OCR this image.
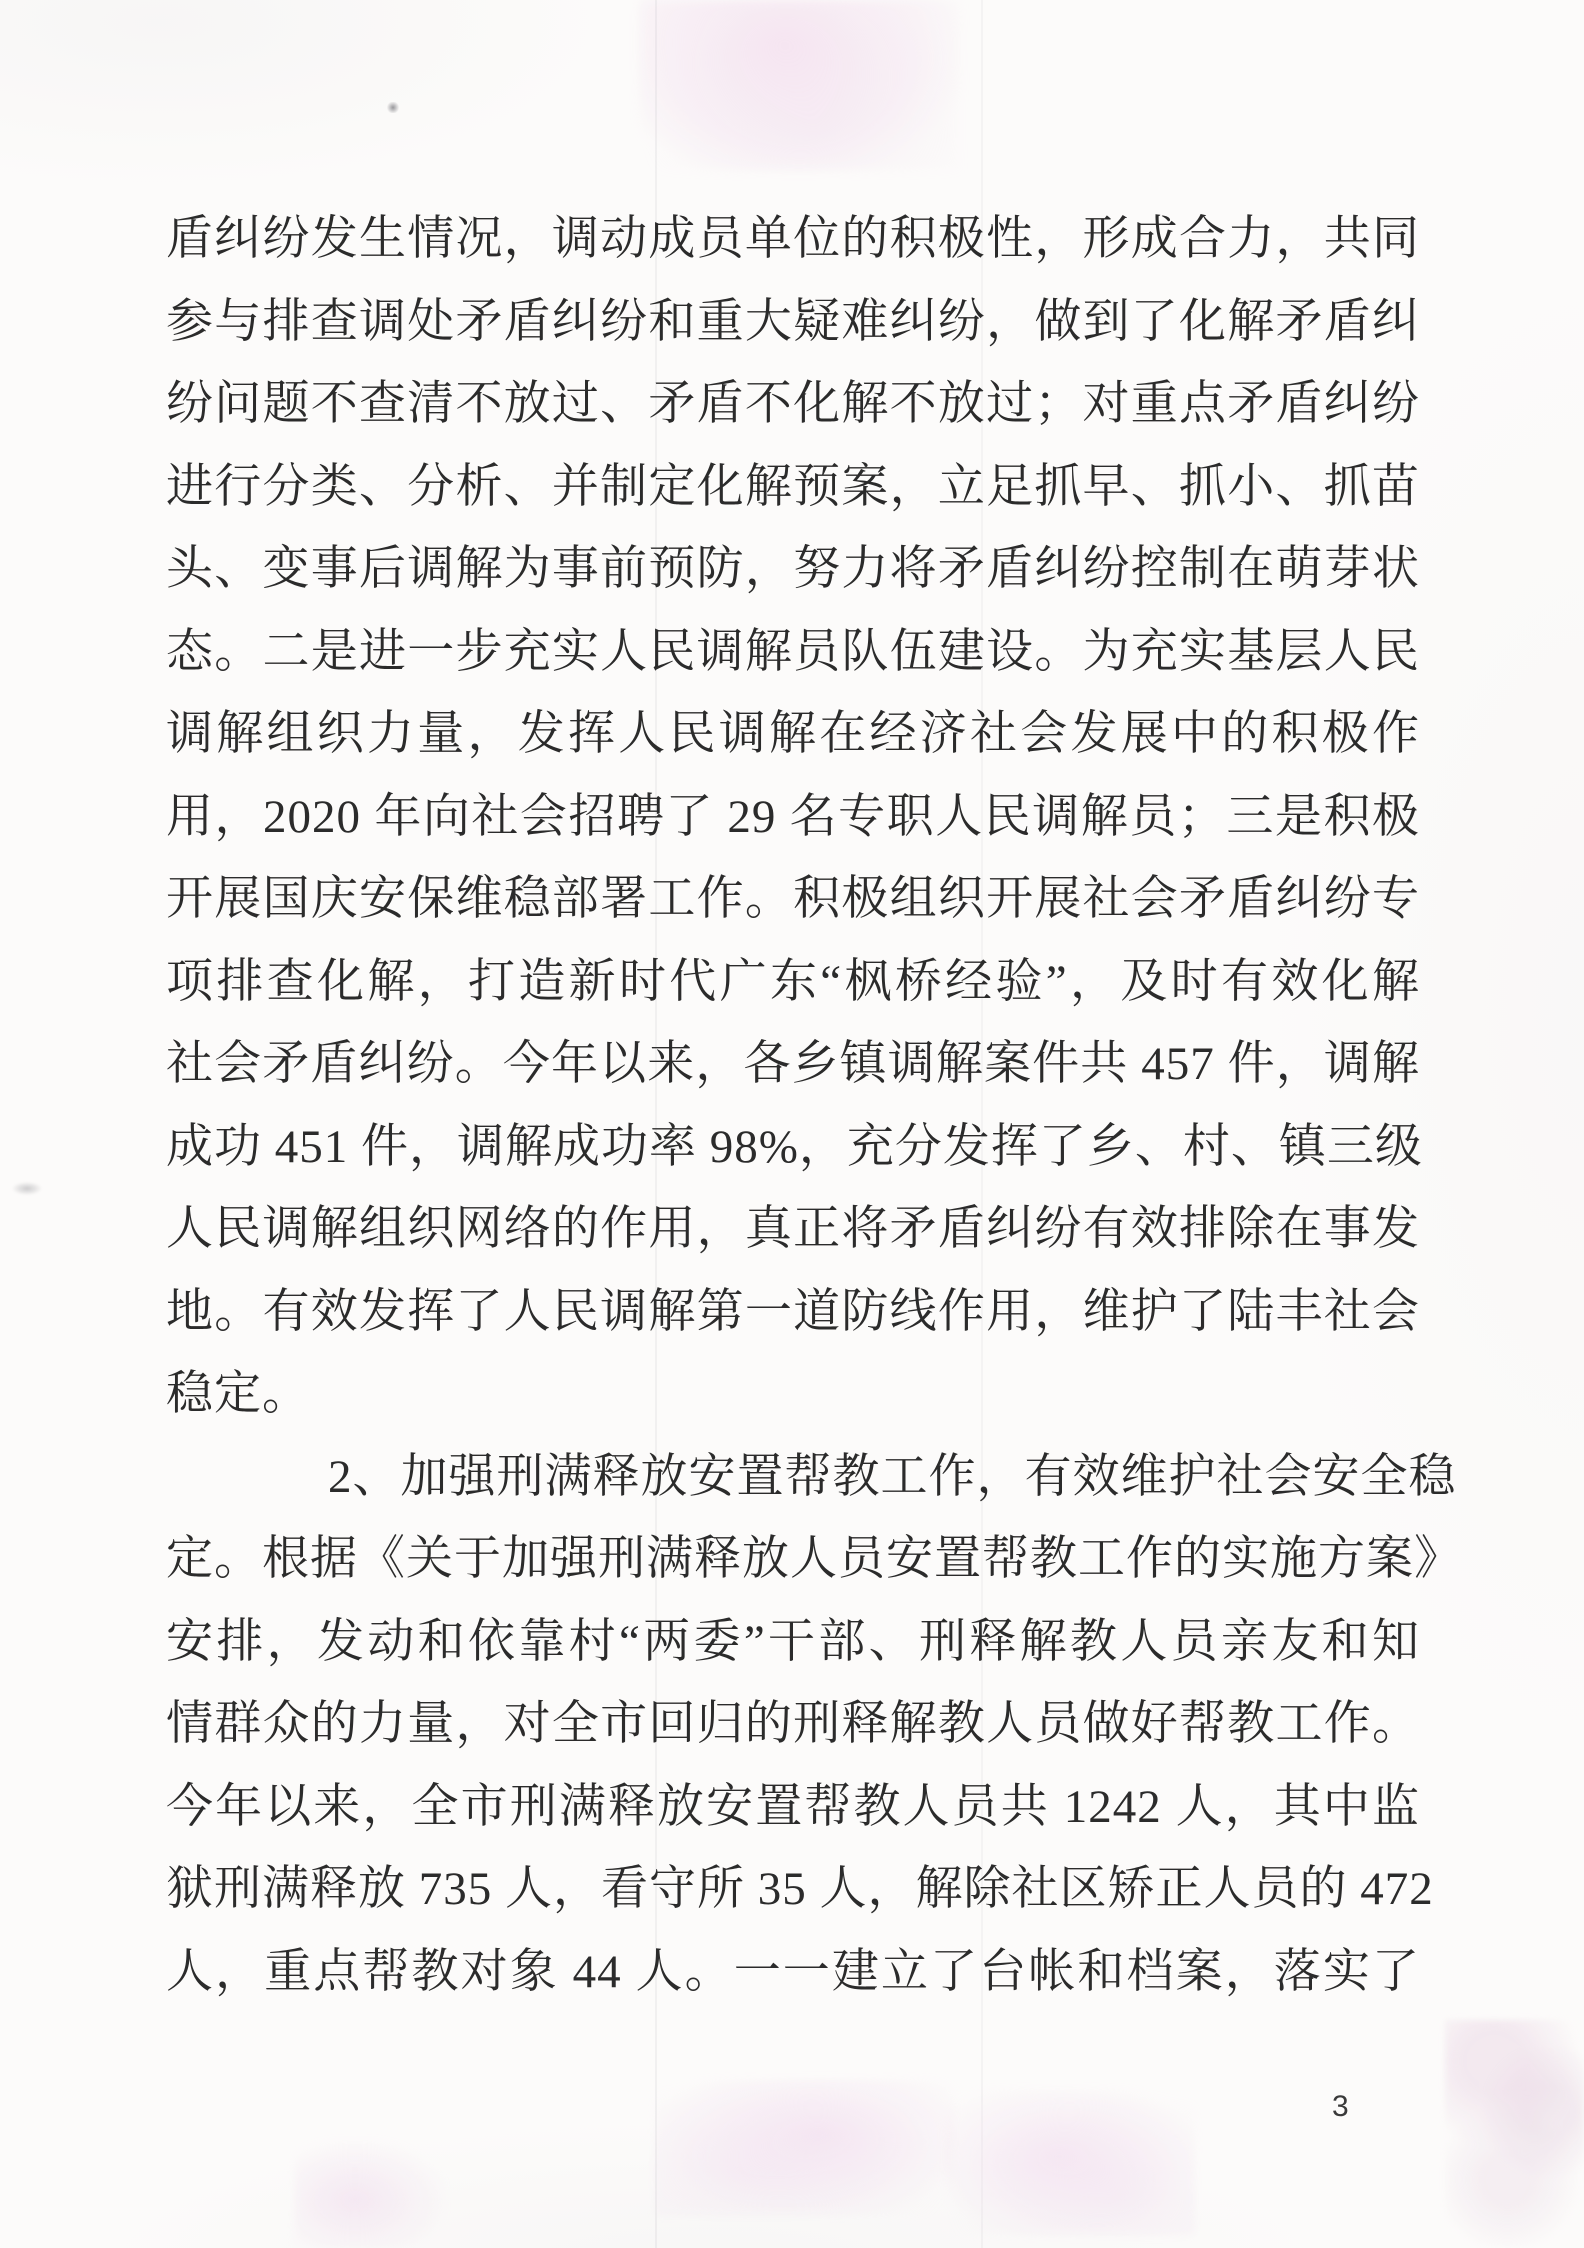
盾纠纷发生情况，调动成员单位的积极性，形成合力，共同
参与排查调处矛盾纠纷和重大疑难纠纷，做到了化解矛盾纠
纷问题不查清不放过、矛盾不化解不放过；对重点矛盾纠纷
进行分类、分析、并制定化解预案，立足抓早、抓小、抓苗
头、变事后调解为事前预防，努力将矛盾纠纷控制在萌芽状
态。二是进一步充实人民调解员队伍建设。为充实基层人民
调解组织力量，发挥人民调解在经济社会发展中的积极作
用，2020 年向社会招聘了 29 名专职人民调解员；三是积极
开展国庆安保维稳部署工作。积极组织开展社会矛盾纠纷专
项排查化解，打造新时代广东“枫桥经验”，及时有效化解
社会矛盾纠纷。今年以来，各乡镇调解案件共 457 件，调解
成功 451 件，调解成功率 98%，充分发挥了乡、村、镇三级
人民调解组织网络的作用，真正将矛盾纠纷有效排除在事发
地。有效发挥了人民调解第一道防线作用，维护了陆丰社会
稳定。
2、加强刑满释放安置帮教工作，有效维护社会安全稳
定。根据《关于加强刑满释放人员安置帮教工作的实施方案》
安排，发动和依靠村“两委”干部、刑释解教人员亲友和知
情群众的力量，对全市回归的刑释解教人员做好帮教工作。
今年以来，全市刑满释放安置帮教人员共 1242 人，其中监
狱刑满释放 735 人，看守所 35 人，解除社区矫正人员的 472
人，重点帮教对象 44 人。一一建立了台帐和档案，落实了
3
